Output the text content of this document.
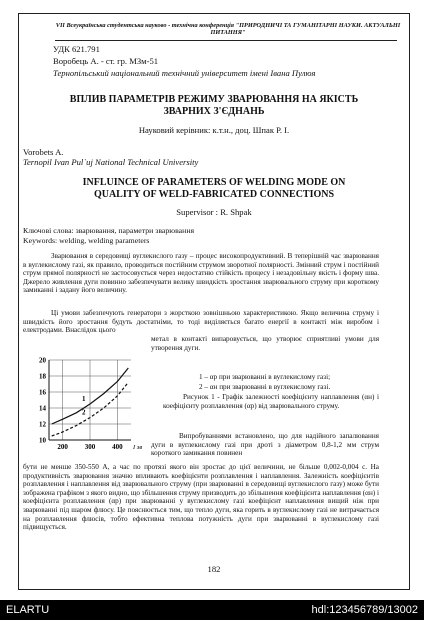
VII Всеукраїнська студентська науково - технічна конференція "ПРИРОДНИЧІ ТА ГУМАНІТАРНІ НАУКИ. АКТУАЛЬНІ ПИТАННЯ"
УДК 621.791
Воробець А. - ст. гр. МЗм-51
Тернопільський національний технічний університет імені Івана Пулюя
ВПЛИВ ПАРАМЕТРІВ РЕЖИМУ ЗВАРЮВАННЯ НА ЯКІСТЬ ЗВАРНИХ З'ЄДНАНЬ
Науковий керівник: к.т.н., доц. Шпак Р. І.
Vorobets A.
Ternopil Ivan Pul`uj National Technical University
INFLUINCE OF PARAMETERS OF WELDING MODE ON QUALITY OF WELD-FABRICATED CONNECTIONS
Supervisor : R. Shpak
Ключові слова: зварювання, параметри зварювання
Keywords: welding, welding parameters
Зварювання в середовищі вуглекислого газу – процес високопродуктивний. В теперішній час зварювання в вуглекислому газі, як правило, проводиться постійним струмом зворотної полярності. Змінний струм і постійний струм прямої полярності не застосовується через недостатню стійкість процесу і незадовільну якість і форму шва. Джерело живлення дуги повинно забезпечувати велику швидкість зростання зварювального струму при короткому замиканні і задану його величину.
Ці умови забезпечують генератори з жорсткою зовнішньою характеристикою. Якщо величина струму і швидкість його зростання будуть достатніми, то тоді виділяється багато енергії в контакті між виробом і електродами. Внаслідок цього
метал в контакті випаровується, що утворює сприятливі умови для утворення дуги.
1
2
20
18
16
14
12
10
200 300 400 I зв
1 – αр при зварюванні в вуглекислому газі;
2 – αн при зварюванні в вуглекислому газі.
Рисунок 1 - Графік залежності коефіцієнту наплавлення (αн) і коефіцієнту розплавлення (αр) від зварювального струму.
Випробуваннями встановлено, що для надійного запалювання дуги в вуглекислому газі при дроті з діаметром 0,8-1,2 мм струм короткого замикання повинен
бути не менше 350-550 А, а час по протязі якого він зростає до цієї величини, не більше 0,002-0,004 с. На продуктивність зварювання значно впливають коефіцієнти розплавлення і наплавлення. Залежність коефіцієнтів розплавлення і наплавлення від зварювального струму (при зварюванні в середовищі вуглекислого газу) може бути зображена графіком з якого видно, що збільшення струму призводить до збільшення коефіцієнта наплавлення (αн) і коефіцієнта розплавлення (αр) при зварюванні у вуглекислому газі коефіцієнт наплавлення вищий ніж при зварюванні під шаром флюсу. Це пояснюється тим, що тепло дуги, яка горить в вуглекислому газі не витрачається на розплавлення флюсів, тобто ефективна теплова потужність дуги при зварюванні в вуглекислому газі підвищується.
182
ELARTU	hdl:123456789/13002
